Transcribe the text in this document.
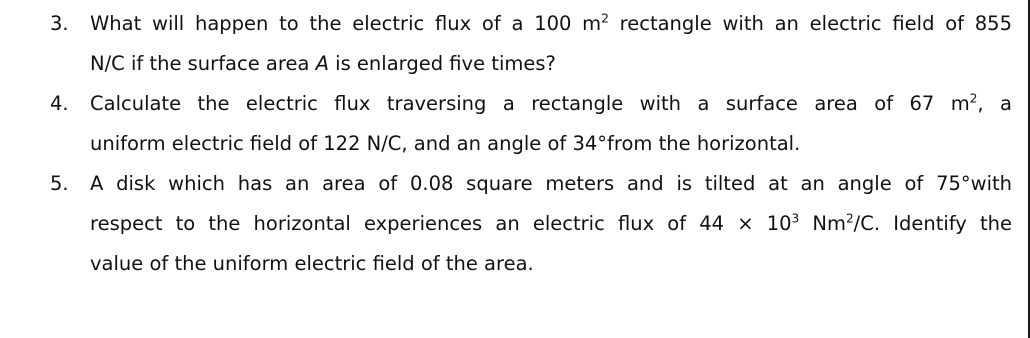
3.	What will happen to the electric flux of a 100 $m^2$ rectangle with an electric field of 855
N/C if the surface area A is enlarged five times?
4.	Calculate the electric flux traversing a rectangle with a surface area of 67 $m^2$, a
uniform electric field of 122 N/C, and an angle of 34°from the horizontal.
5.	A disk which has an area of 0.08 square meters and is tilted at an angle of 75°with
respect to the horizontal experiences an electric flux of $44 \times 10^3$ Nm$^2$/C. Identify the
value of the uniform electric field of the area.
